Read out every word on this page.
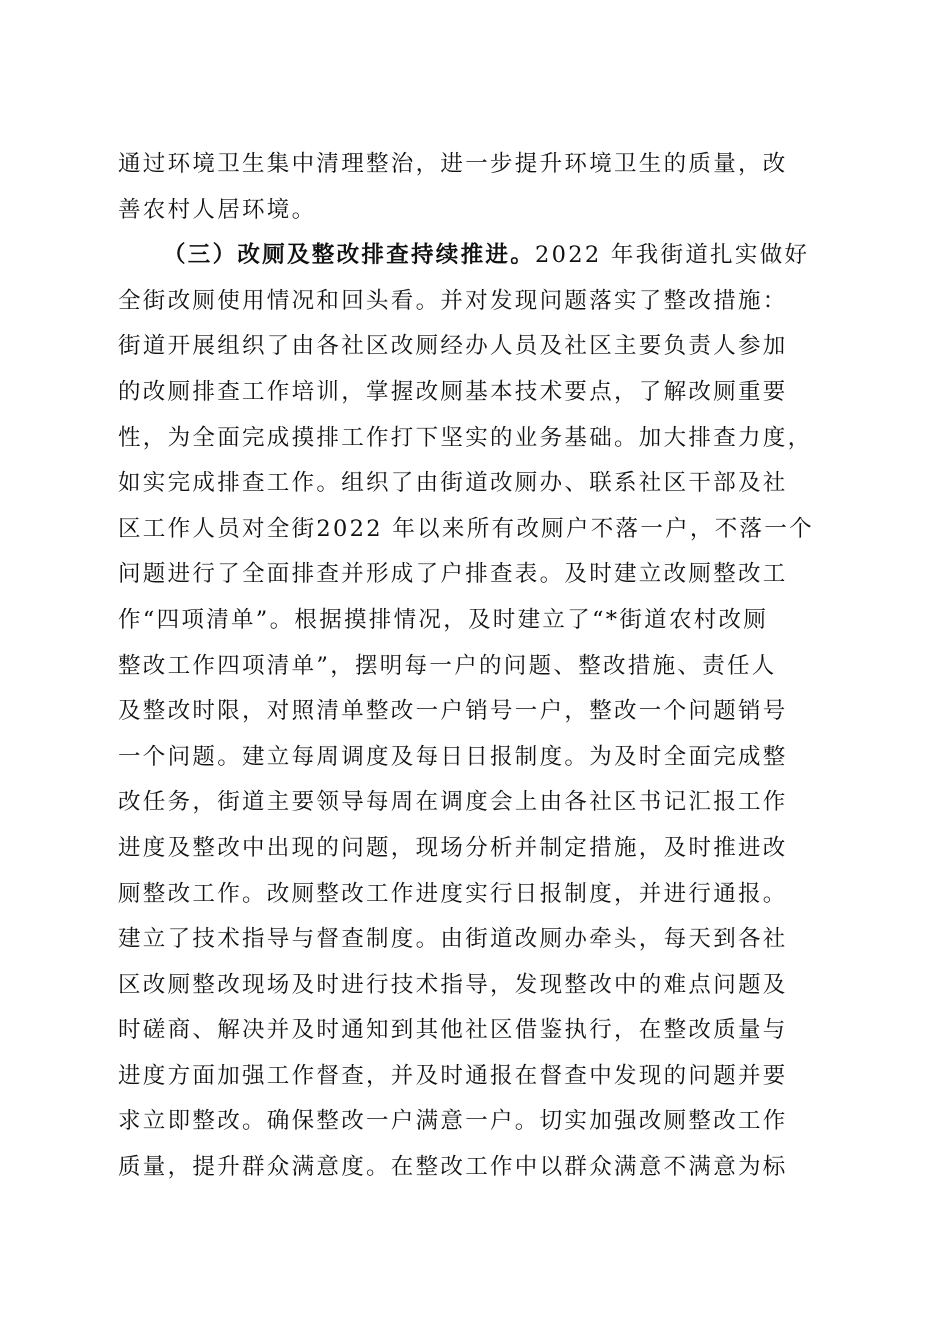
通过环境卫生集中清理整治，进一步提升环境卫生的质量，改
善农村人居环境。
（三）改厕及整改排查持续推进。2022 年我街道扎实做好
全街改厕使用情况和回头看。并对发现问题落实了整改措施：
街道开展组织了由各社区改厕经办人员及社区主要负责人参加
的改厕排查工作培训，掌握改厕基本技术要点，了解改厕重要
性，为全面完成摸排工作打下坚实的业务基础。加大排查力度，
如实完成排查工作。组织了由街道改厕办、联系社区干部及社
区工作人员对全街2022 年以来所有改厕户不落一户，不落一个
问题进行了全面排查并形成了户排查表。及时建立改厕整改工
作“四项清单”。根据摸排情况，及时建立了“*街道农村改厕
整改工作四项清单”，摆明每一户的问题、整改措施、责任人
及整改时限，对照清单整改一户销号一户，整改一个问题销号
一个问题。建立每周调度及每日日报制度。为及时全面完成整
改任务，街道主要领导每周在调度会上由各社区书记汇报工作
进度及整改中出现的问题，现场分析并制定措施，及时推进改
厕整改工作。改厕整改工作进度实行日报制度，并进行通报。
建立了技术指导与督查制度。由街道改厕办牵头，每天到各社
区改厕整改现场及时进行技术指导，发现整改中的难点问题及
时磋商、解决并及时通知到其他社区借鉴执行，在整改质量与
进度方面加强工作督查，并及时通报在督查中发现的问题并要
求立即整改。确保整改一户满意一户。切实加强改厕整改工作
质量，提升群众满意度。在整改工作中以群众满意不满意为标
